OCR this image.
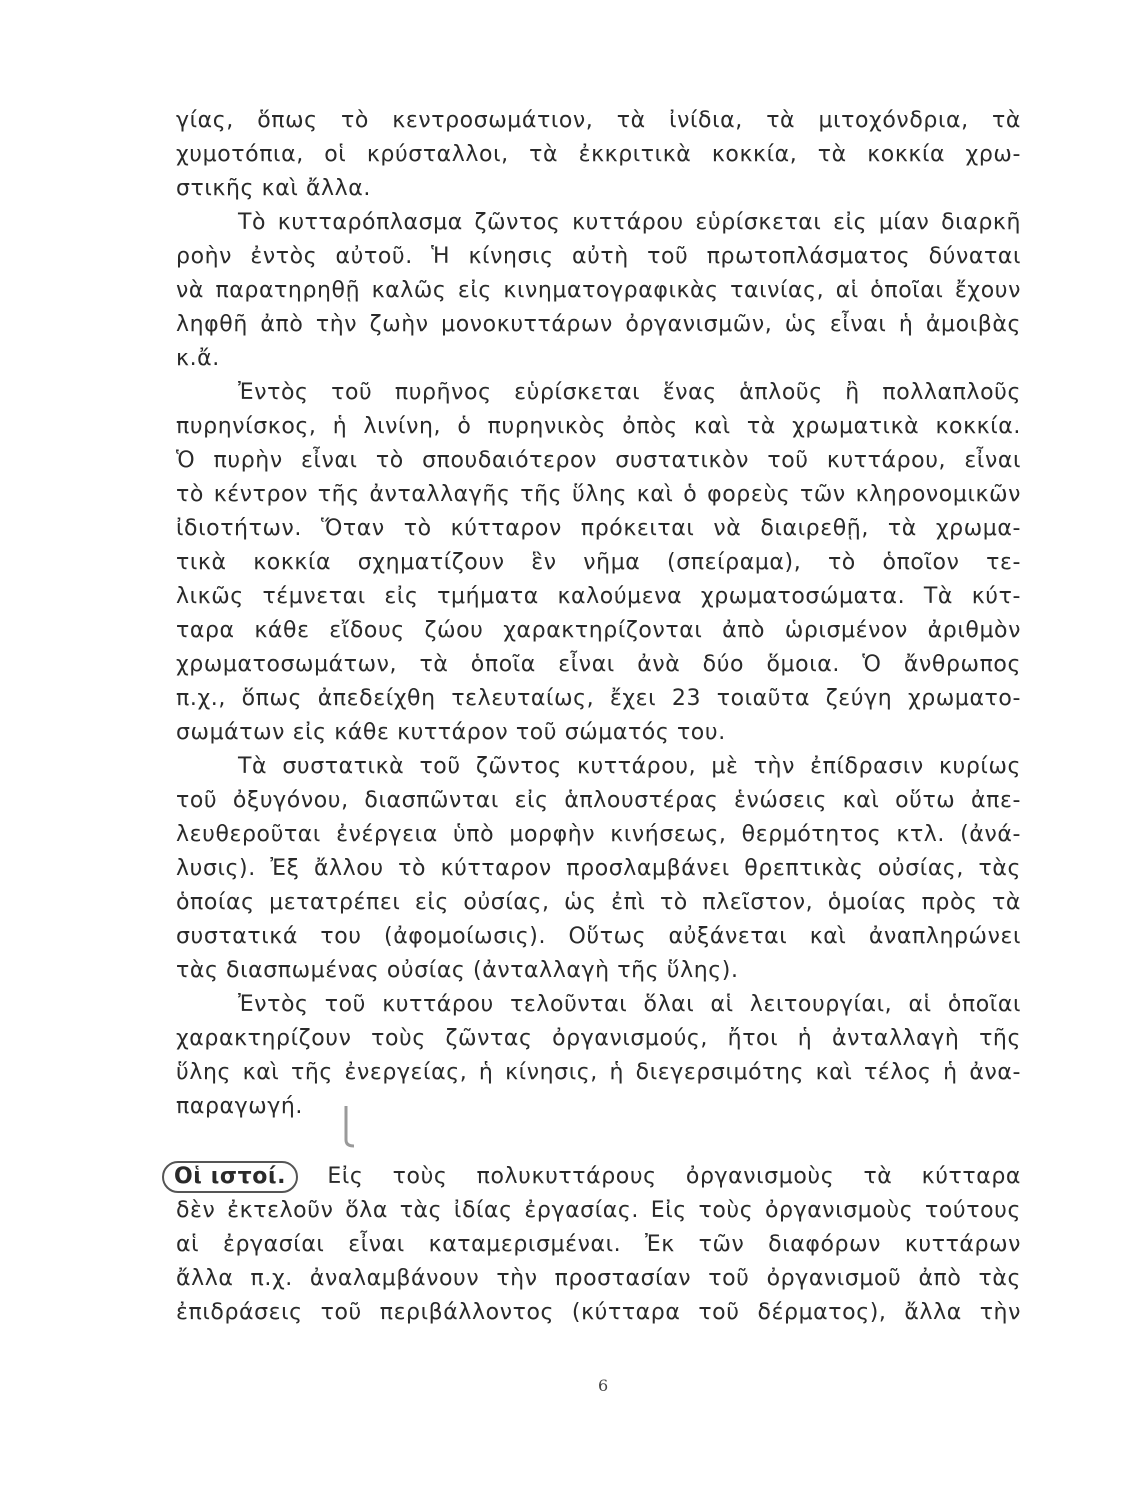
γίας, ὅπως τὸ κεντροσωμάτιον, τὰ ἰνίδια, τὰ μιτοχόνδρια, τὰ
χυμοτόπια, οἱ κρύσταλλοι, τὰ ἐκκριτικὰ κοκκία, τὰ κοκκία χρω-
στικῆς καὶ ἄλλα.
Τὸ κυτταρόπλασμα ζῶντος κυττάρου εὑρίσκεται εἰς μίαν διαρκῆ
ροὴν ἐντὸς αὐτοῦ. Ἡ κίνησις αὐτὴ τοῦ πρωτοπλάσματος δύναται
νὰ παρατηρηθῇ καλῶς εἰς κινηματογραφικὰς ταινίας, αἱ ὁποῖαι ἔχουν
ληφθῆ ἀπὸ τὴν ζωὴν μονοκυττάρων ὀργανισμῶν, ὡς εἶναι ἡ ἀμοιβὰς
κ.ἄ.
Ἐντὸς τοῦ πυρῆνος εὑρίσκεται ἕνας ἁπλοῦς ἢ πολλαπλοῦς
πυρηνίσκος, ἡ λινίνη, ὁ πυρηνικὸς ὀπὸς καὶ τὰ χρωματικὰ κοκκία.
Ὁ πυρὴν εἶναι τὸ σπουδαιότερον συστατικὸν τοῦ κυττάρου, εἶναι
τὸ κέντρον τῆς ἀνταλλαγῆς τῆς ὕλης καὶ ὁ φορεὺς τῶν κληρονομικῶν
ἰδιοτήτων. Ὅταν τὸ κύτταρον πρόκειται νὰ διαιρεθῇ, τὰ χρωμα-
τικὰ κοκκία σχηματίζουν ἓν νῆμα (σπείραμα), τὸ ὁποῖον τε-
λικῶς τέμνεται εἰς τμήματα καλούμενα χρωματοσώματα. Τὰ κύτ-
ταρα κάθε εἴδους ζώου χαρακτηρίζονται ἀπὸ ὡρισμένον ἀριθμὸν
χρωματοσωμάτων, τὰ ὁποῖα εἶναι ἀνὰ δύο ὅμοια. Ὁ ἄνθρωπος
π.χ., ὅπως ἀπεδείχθη τελευταίως, ἔχει 23 τοιαῦτα ζεύγη χρωματο-
σωμάτων εἰς κάθε κυττάρον τοῦ σώματός του.
Τὰ συστατικὰ τοῦ ζῶντος κυττάρου, μὲ τὴν ἐπίδρασιν κυρίως
τοῦ ὀξυγόνου, διασπῶνται εἰς ἁπλουστέρας ἑνώσεις καὶ οὕτω ἀπε-
λευθεροῦται ἐνέργεια ὑπὸ μορφὴν κινήσεως, θερμότητος κτλ. (ἀνά-
λυσις). Ἐξ ἄλλου τὸ κύτταρον προσλαμβάνει θρεπτικὰς οὐσίας, τὰς
ὁποίας μετατρέπει εἰς οὐσίας, ὡς ἐπὶ τὸ πλεῖστον, ὁμοίας πρὸς τὰ
συστατικά του (ἀφομοίωσις). Οὕτως αὐξάνεται καὶ ἀναπληρώνει
τὰς διασπωμένας οὐσίας (ἀνταλλαγὴ τῆς ὕλης).
Ἐντὸς τοῦ κυττάρου τελοῦνται ὅλαι αἱ λειτουργίαι, αἱ ὁποῖαι
χαρακτηρίζουν τοὺς ζῶντας ὀργανισμούς, ἤτοι ἡ ἀνταλλαγὴ τῆς
ὕλης καὶ τῆς ἐνεργείας, ἡ κίνησις, ἡ διεγερσιμότης καὶ τέλος ἡ ἀνα-
παραγωγή.
Οἱ ιστοί. Εἰς τοὺς πολυκυττάρους ὀργανισμοὺς τὰ κύτταρα
δὲν ἐκτελοῦν ὅλα τὰς ἰδίας ἐργασίας. Εἰς τοὺς ὀργανισμοὺς τούτους
αἱ ἐργασίαι εἶναι καταμερισμέναι. Ἐκ τῶν διαφόρων κυττάρων
ἄλλα π.χ. ἀναλαμβάνουν τὴν προστασίαν τοῦ ὀργανισμοῦ ἀπὸ τὰς
ἐπιδράσεις τοῦ περιβάλλοντος (κύτταρα τοῦ δέρματος), ἄλλα τὴν
6
